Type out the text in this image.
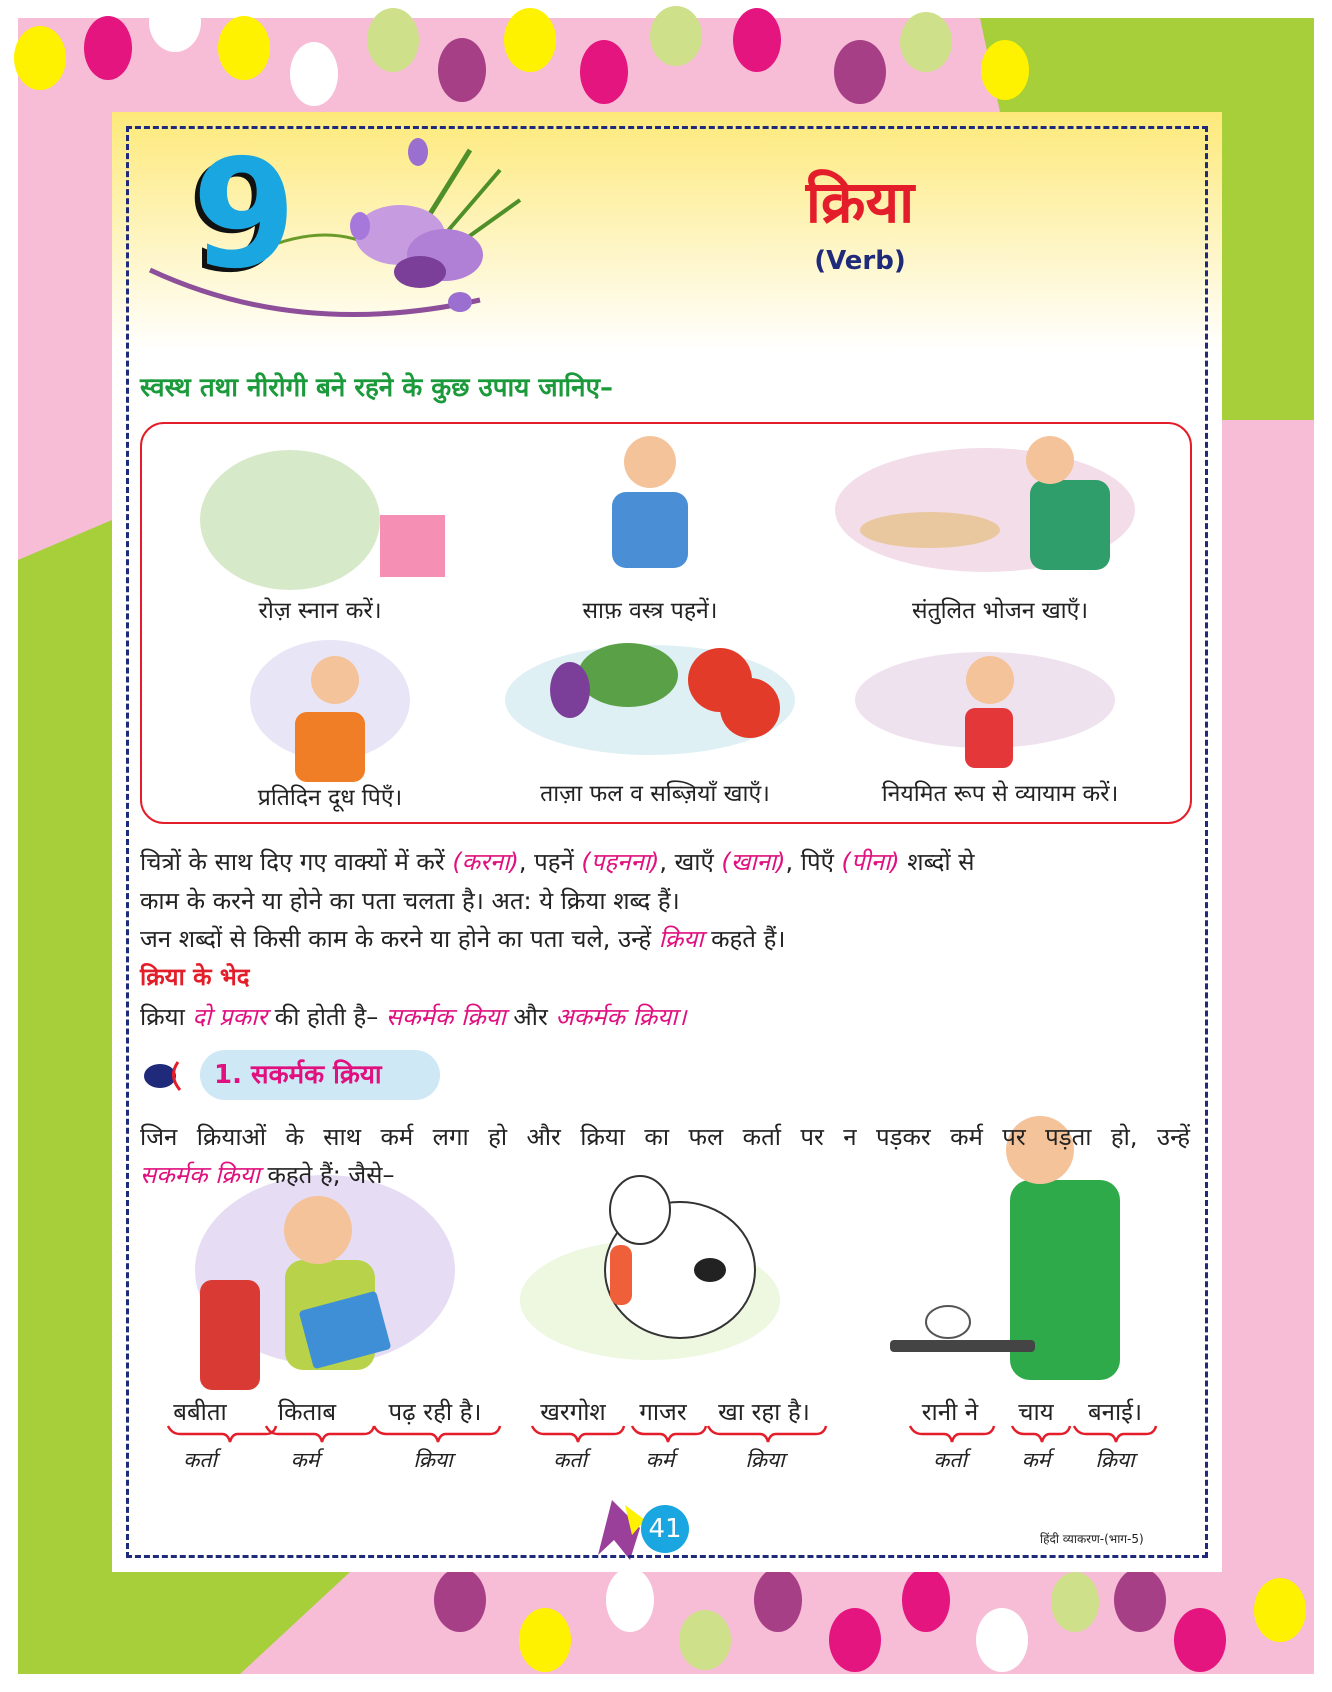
9	क्रिया
(Verb)
स्वस्थ तथा नीरोगी बने रहने के कुछ उपाय जानिए–
रोज़ स्नान करें।	साफ़ वस्त्र पहनें।	संतुलित भोजन खाएँ।
प्रतिदिन दूध पिएँ।	ताज़ा फल व सब्ज़ियाँ खाएँ।	नियमित रूप से व्यायाम करें।
चित्रों के साथ दिए गए वाक्यों में करें (करना), पहनें (पहनना), खाएँ (खाना), पिएँ (पीना) शब्दों से
काम के करने या होने का पता चलता है। अत: ये क्रिया शब्द हैं।
जन शब्दों से किसी काम के करने या होने का पता चले, उन्हें क्रिया कहते हैं।
क्रिया के भेद
क्रिया दो प्रकार की होती है– सकर्मक क्रिया और अकर्मक क्रिया।
1. सकर्मक क्रिया
जिन क्रियाओं के साथ कर्म लगा हो और क्रिया का फल कर्ता पर न पड़कर कर्म पर पड़ता हो, उन्हें
सकर्मक क्रिया कहते हैं; जैसे–
बबीता	किताब	पढ़ रही है।
कर्ता	कर्म	क्रिया
खरगोश	गाजर	खा रहा है।
कर्ता	कर्म	क्रिया
रानी ने	चाय	बनाई।
कर्ता	कर्म	क्रिया
41	हिंदी व्याकरण-(भाग-5)
